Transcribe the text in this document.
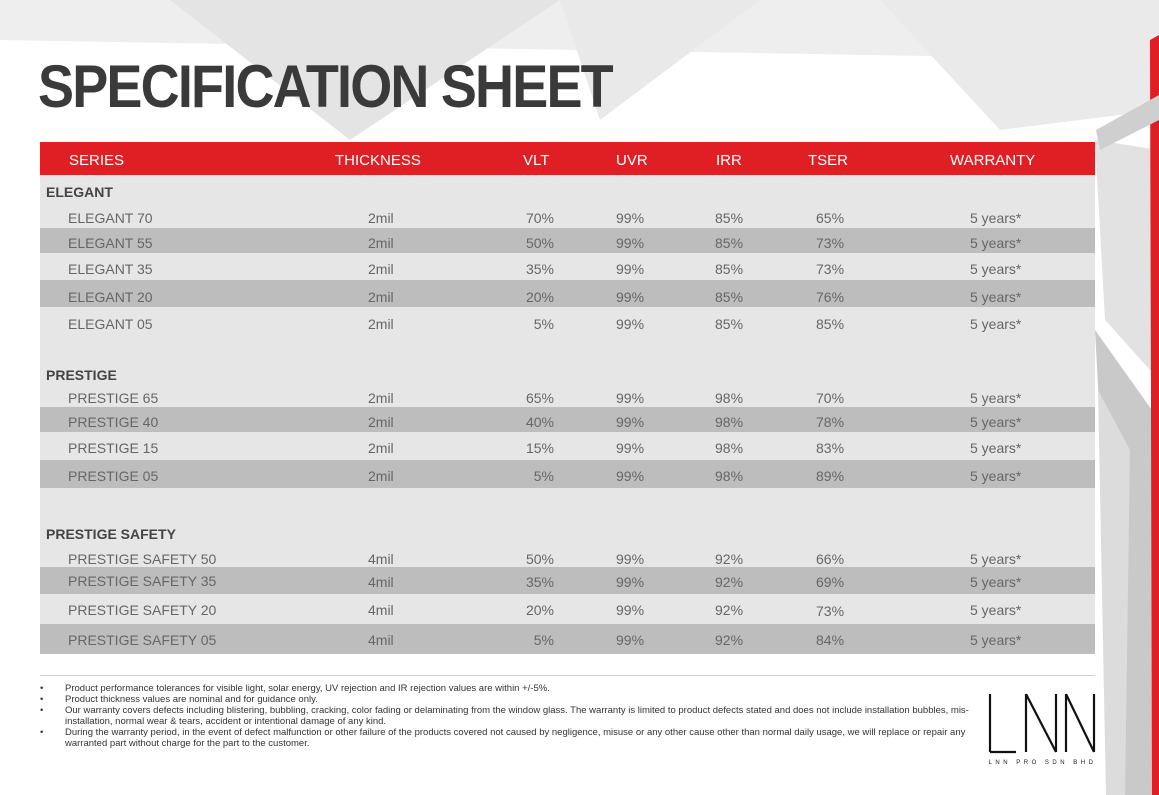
SPECIFICATION SHEET
SERIES	THICKNESS	VLT	UVR	IRR	TSER	WARRANTY
ELEGANT
ELEGANT 70	2mil	70%	99%	85%	65%	5 years*
ELEGANT 55	2mil	50%	99%	85%	73%	5 years*
ELEGANT 35	2mil	35%	99%	85%	73%	5 years*
ELEGANT 20	2mil	20%	99%	85%	76%	5 years*
ELEGANT 05	2mil	5%	99%	85%	85%	5 years*
PRESTIGE
PRESTIGE 65	2mil	65%	99%	98%	70%	5 years*
PRESTIGE 40	2mil	40%	99%	98%	78%	5 years*
PRESTIGE 15	2mil	15%	99%	98%	83%	5 years*
PRESTIGE 05	2mil	5%	99%	98%	89%	5 years*
PRESTIGE SAFETY
PRESTIGE SAFETY 50	4mil	50%	99%	92%	66%	5 years*
PRESTIGE SAFETY 35	4mil	35%	99%	92%	69%	5 years*
PRESTIGE SAFETY 20	4mil	20%	99%	92%	73%	5 years*
PRESTIGE SAFETY 05	4mil	5%	99%	92%	84%	5 years*
• Product performance tolerances for visible light, solar energy, UV rejection and IR rejection values are within +/-5%.
• Product thickness values are nominal and for guidance only.
• Our warranty covers defects including blistering, bubbling, cracking, color fading or delaminating from the window glass. The warranty is limited to product defects stated and does not include installation bubbles, mis-installation, normal wear & tears, accident or intentional damage of any kind.
• During the warranty period, in the event of defect malfunction or other failure of the products covered not caused by negligence, misuse or any other cause other than normal daily usage, we will replace or repair any warranted part without charge for the part to the customer.
LNN PRO SDN BHD
